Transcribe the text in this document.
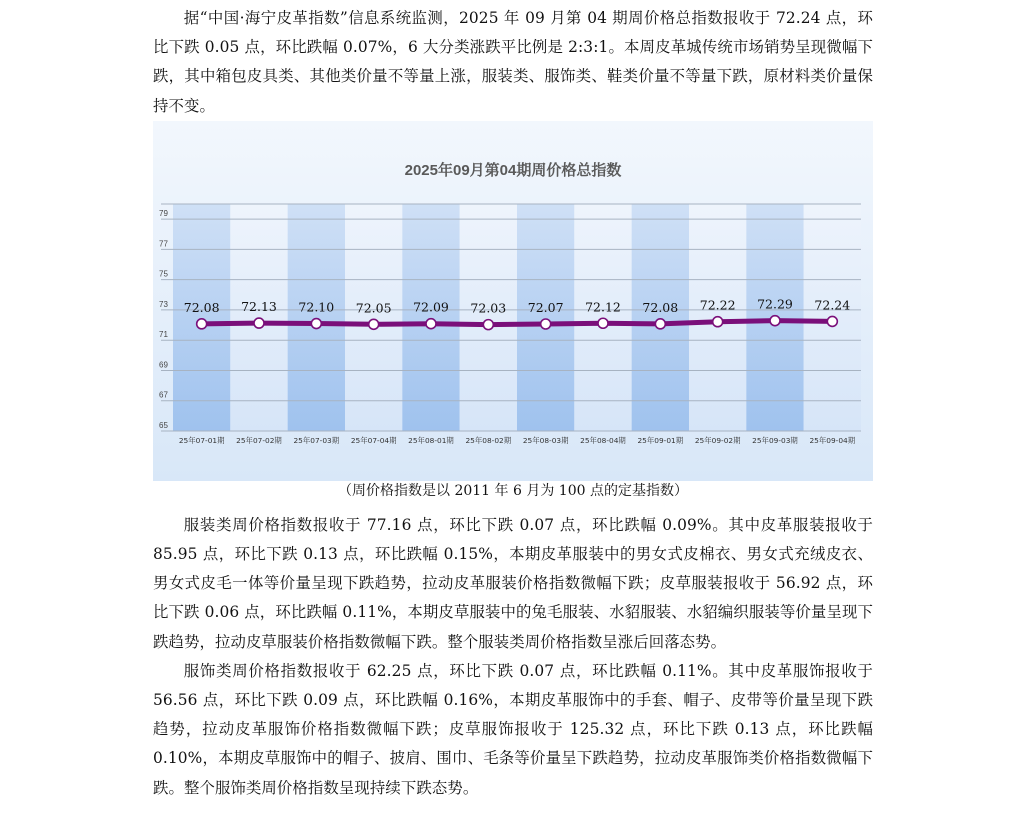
据“中国·海宁皮革指数”信息系统监测，2025 年 09 月第 04 期周价格总指数报收于 72.24 点，环比下跌 0.05 点，环比跌幅 0.07%，6 大分类涨跌平比例是 2:3:1。本周皮革城传统市场销势呈现微幅下跌，其中箱包皮具类、其他类价量不等量上涨，服装类、服饰类、鞋类价量不等量下跌，原材料类价量保持不变。

2025年09月第04期周价格总指数
65
67
69
71
73
75
77
79
25年07-01期 25年07-02期 25年07-03期 25年07-04期 25年08-01期 25年08-02期 25年08-03期 25年08-04期 25年09-01期 25年09-02期 25年09-03期 25年09-04期
72.08 72.13 72.10 72.05 72.09 72.03 72.07 72.12 72.08 72.22 72.29 72.24

（周价格指数是以 2011 年 6 月为 100 点的定基指数）

服装类周价格指数报收于 77.16 点，环比下跌 0.07 点，环比跌幅 0.09%。其中皮革服装报收于 85.95 点，环比下跌 0.13 点，环比跌幅 0.15%，本期皮革服装中的男女式皮棉衣、男女式充绒皮衣、男女式皮毛一体等价量呈现下跌趋势，拉动皮革服装价格指数微幅下跌；皮草服装报收于 56.92 点，环比下跌 0.06 点，环比跌幅 0.11%，本期皮草服装中的兔毛服装、水貂服装、水貂编织服装等价量呈现下跌趋势，拉动皮草服装价格指数微幅下跌。整个服装类周价格指数呈涨后回落态势。

服饰类周价格指数报收于 62.25 点，环比下跌 0.07 点，环比跌幅 0.11%。其中皮革服饰报收于 56.56 点，环比下跌 0.09 点，环比跌幅 0.16%，本期皮革服饰中的手套、帽子、皮带等价量呈现下跌趋势，拉动皮革服饰价格指数微幅下跌；皮草服饰报收于 125.32 点，环比下跌 0.13 点，环比跌幅 0.10%，本期皮草服饰中的帽子、披肩、围巾、毛条等价量呈下跌趋势，拉动皮革服饰类价格指数微幅下跌。整个服饰类周价格指数呈现持续下跌态势。
